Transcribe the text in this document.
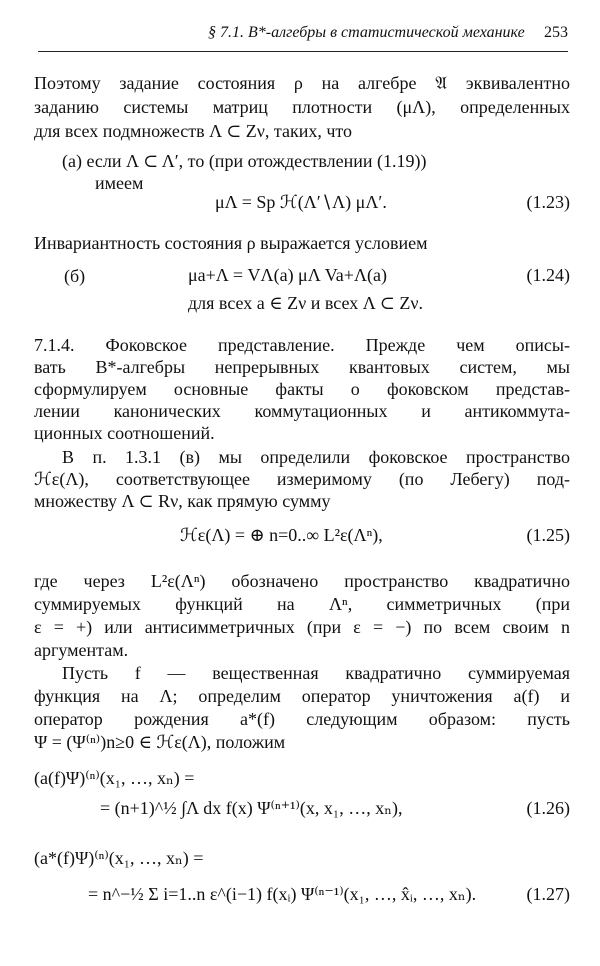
§ 7.1. B*-алгебры в статистической механике 253
Поэтому задание состояния ρ на алгебре 𝔄 эквивалентно
заданию системы матриц плотности (μΛ), определенных
для всех подмножеств Λ ⊂ Zν, таких, что
(а) если Λ ⊂ Λ′, то (при отождествлении (1.19))
имеем
μΛ = Sp ℋ(Λ′∖Λ) μΛ′.	(1.23)
Инвариантность состояния ρ выражается условием
(б)	μa+Λ = VΛ(a) μΛ Va+Λ(a)	(1.24)
для всех a ∈ Zν и всех Λ ⊂ Zν.
7.1.4. Фоковское представление. Прежде чем описы-
вать B*-алгебры непрерывных квантовых систем, мы
сформулируем основные факты о фоковском представ-
лении канонических коммутационных и антикоммута-
ционных соотношений.
В п. 1.3.1 (в) мы определили фоковское пространство
ℋε(Λ), соответствующее измеримому (по Лебегу) под-
множеству Λ ⊂ Rν, как прямую сумму
ℋε(Λ) = ⊕ n=0..∞ L²ε(Λⁿ),	(1.25)
где через L²ε(Λⁿ) обозначено пространство квадратично
суммируемых функций на Λⁿ, симметричных (при
ε = +) или антисимметричных (при ε = −) по всем своим n
аргументам.
Пусть f — вещественная квадратично суммируемая
функция на Λ; определим оператор уничтожения a(f) и
оператор рождения a*(f) следующим образом: пусть
Ψ = (Ψ⁽ⁿ⁾)n≥0 ∈ ℋε(Λ), положим
(a(f)Ψ)⁽ⁿ⁾(x₁, …, xₙ) =
= (n+1)^½ ∫Λ dx f(x) Ψ⁽ⁿ⁺¹⁾(x, x₁, …, xₙ),	(1.26)
(a*(f)Ψ)⁽ⁿ⁾(x₁, …, xₙ) =
= n^−½ Σ i=1..n ε^(i−1) f(xᵢ) Ψ⁽ⁿ⁻¹⁾(x₁, …, x̂ᵢ, …, xₙ).	(1.27)
